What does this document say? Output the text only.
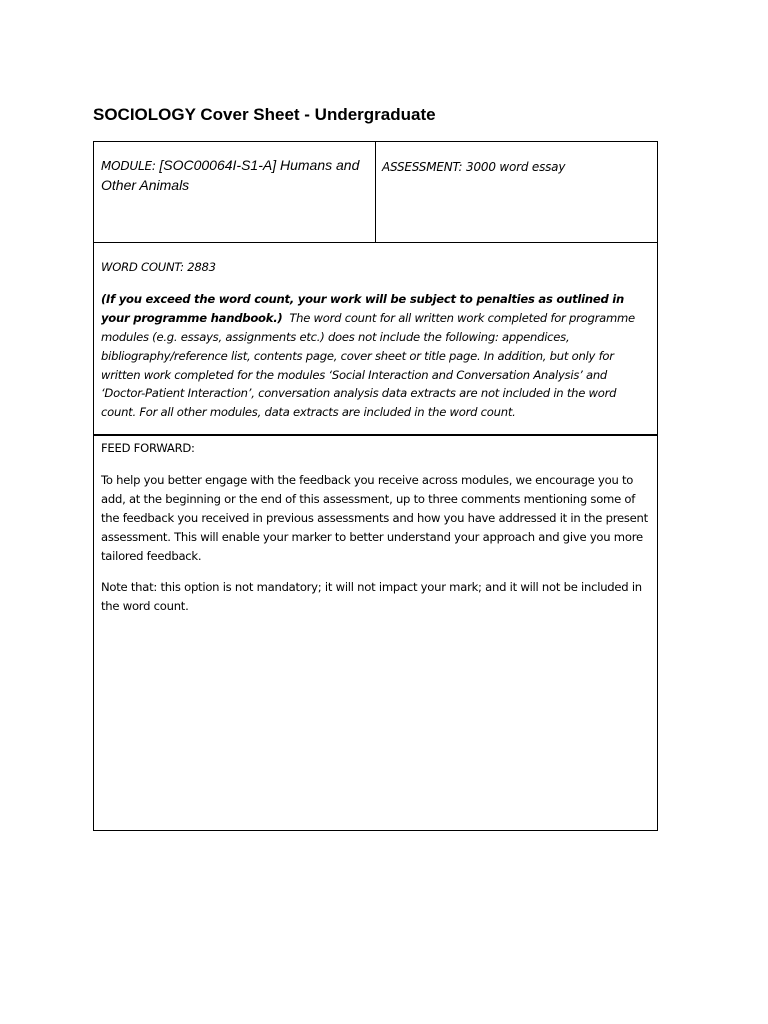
SOCIOLOGY Cover Sheet - Undergraduate
MODULE: [SOC00064I-S1-A] Humans and Other Animals
ASSESSMENT: 3000 word essay

WORD COUNT: 2883

(If you exceed the word count, your work will be subject to penalties as outlined in your programme handbook.) The word count for all written work completed for programme modules (e.g. essays, assignments etc.) does not include the following: appendices, bibliography/reference list, contents page, cover sheet or title page. In addition, but only for written work completed for the modules ‘Social Interaction and Conversation Analysis’ and ‘Doctor-Patient Interaction’, conversation analysis data extracts are not included in the word count. For all other modules, data extracts are included in the word count.

FEED FORWARD:

To help you better engage with the feedback you receive across modules, we encourage you to add, at the beginning or the end of this assessment, up to three comments mentioning some of the feedback you received in previous assessments and how you have addressed it in the present assessment. This will enable your marker to better understand your approach and give you more tailored feedback.

Note that: this option is not mandatory; it will not impact your mark; and it will not be included in the word count.
